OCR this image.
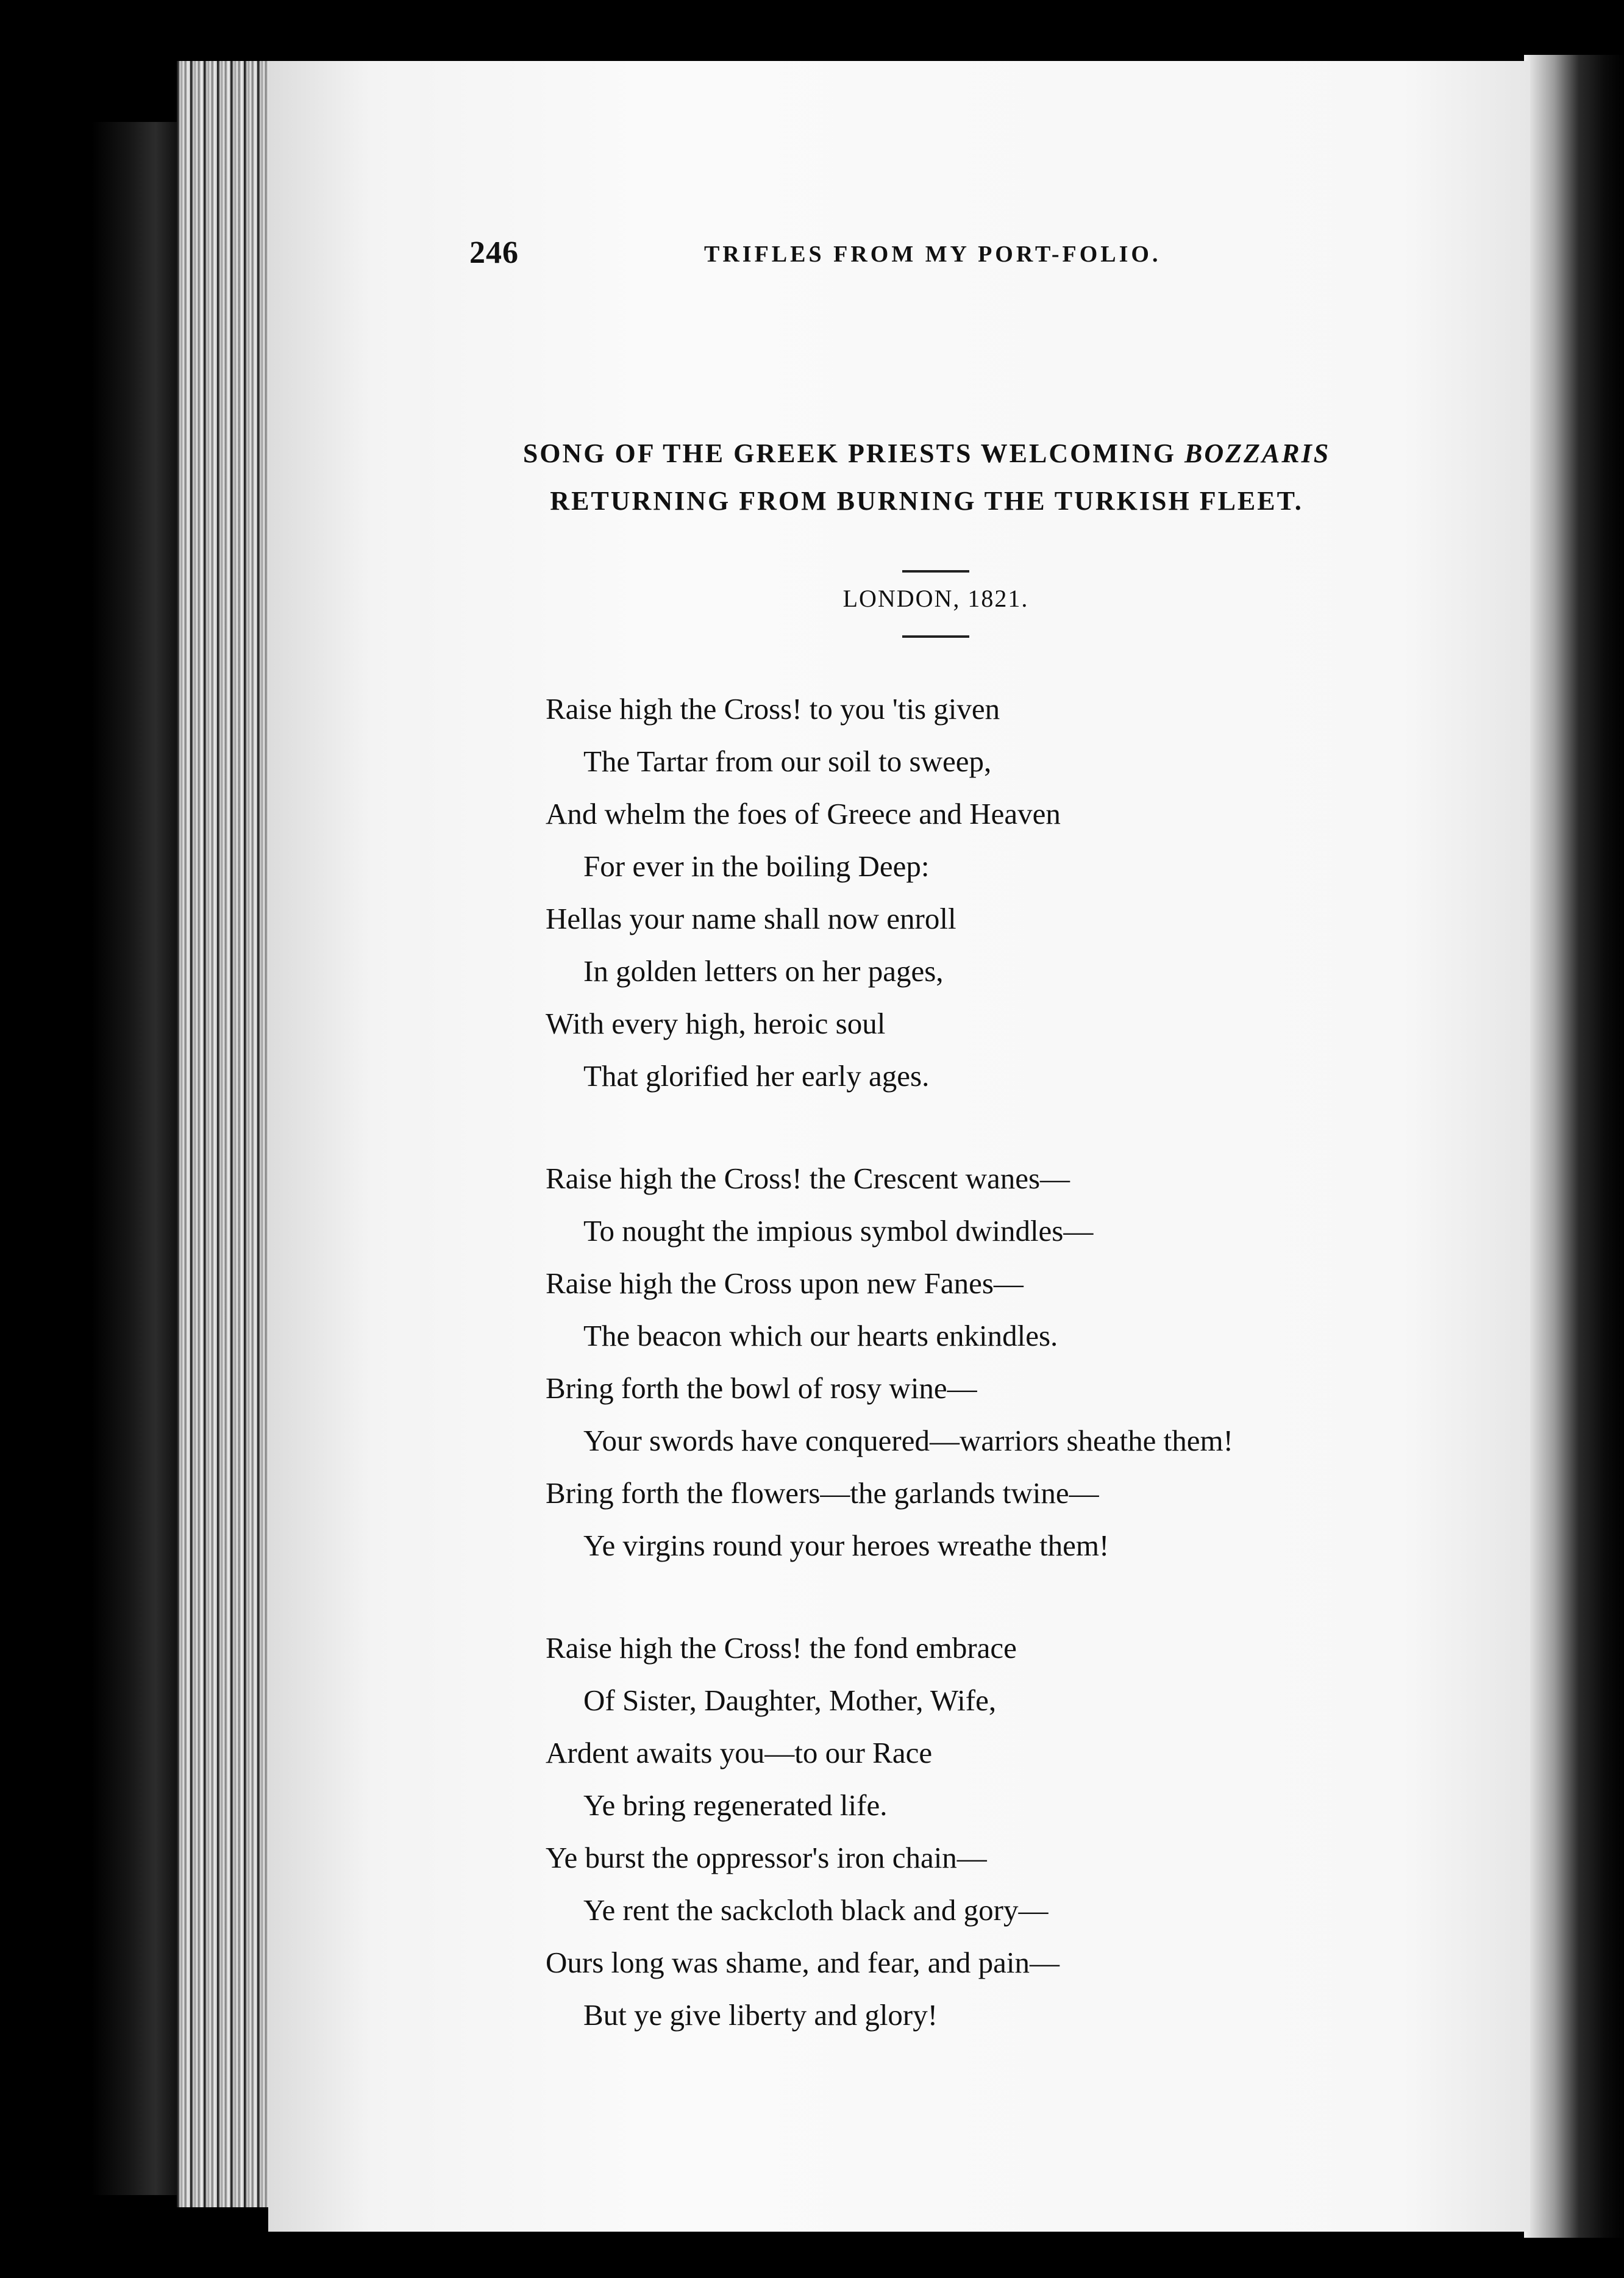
246	TRIFLES FROM MY PORT-FOLIO.
SONG OF THE GREEK PRIESTS WELCOMING BOZZARIS
RETURNING FROM BURNING THE TURKISH FLEET.
LONDON, 1821.
Raise high the Cross! to you 'tis given
The Tartar from our soil to sweep,
And whelm the foes of Greece and Heaven
For ever in the boiling Deep:
Hellas your name shall now enroll
In golden letters on her pages,
With every high, heroic soul
That glorified her early ages.
Raise high the Cross! the Crescent wanes—
To nought the impious symbol dwindles—
Raise high the Cross upon new Fanes—
The beacon which our hearts enkindles.
Bring forth the bowl of rosy wine—
Your swords have conquered—warriors sheathe them!
Bring forth the flowers—the garlands twine—
Ye virgins round your heroes wreathe them!
Raise high the Cross! the fond embrace
Of Sister, Daughter, Mother, Wife,
Ardent awaits you—to our Race
Ye bring regenerated life.
Ye burst the oppressor's iron chain—
Ye rent the sackcloth black and gory—
Ours long was shame, and fear, and pain—
But ye give liberty and glory!
